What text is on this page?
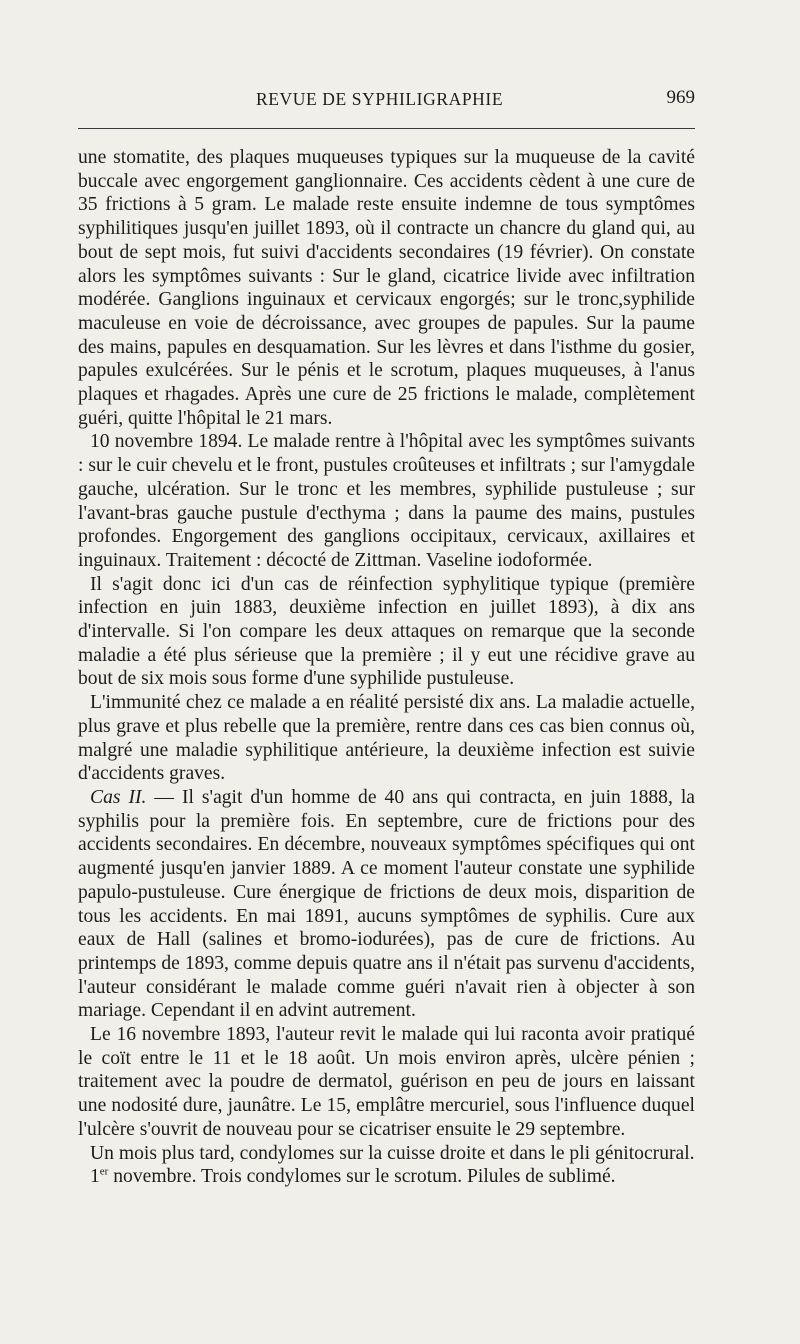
REVUE DE SYPHILIGRAPHIE	969

une stomatite, des plaques muqueuses typiques sur la muqueuse de la cavité buccale avec engorgement ganglionnaire. Ces accidents cèdent à une cure de 35 frictions à 5 gram. Le malade reste ensuite indemne de tous symptômes syphilitiques jusqu'en juillet 1893, où il contracte un chancre du gland qui, au bout de sept mois, fut suivi d'accidents secondaires (19 février). On constate alors les symptômes suivants : Sur le gland, cicatrice livide avec infiltration modérée. Ganglions inguinaux et cervicaux engorgés; sur le tronc,syphilide maculeuse en voie de décroissance, avec groupes de papules. Sur la paume des mains, papules en desquamation. Sur les lèvres et dans l'isthme du gosier, papules exulcérées. Sur le pénis et le scrotum, plaques muqueuses, à l'anus plaques et rhagades. Après une cure de 25 frictions le malade, complètement guéri, quitte l'hôpital le 21 mars.

10 novembre 1894. Le malade rentre à l'hôpital avec les symptômes suivants : sur le cuir chevelu et le front, pustules croûteuses et infiltrats ; sur l'amygdale gauche, ulcération. Sur le tronc et les membres, syphilide pustuleuse ; sur l'avant-bras gauche pustule d'ecthyma ; dans la paume des mains, pustules profondes. Engorgement des ganglions occipitaux, cervicaux, axillaires et inguinaux. Traitement : décocté de Zittman. Vaseline iodoformée.

Il s'agit donc ici d'un cas de réinfection syphylitique typique (première infection en juin 1883, deuxième infection en juillet 1893), à dix ans d'intervalle. Si l'on compare les deux attaques on remarque que la seconde maladie a été plus sérieuse que la première ; il y eut une récidive grave au bout de six mois sous forme d'une syphilide pustuleuse.

L'immunité chez ce malade a en réalité persisté dix ans. La maladie actuelle, plus grave et plus rebelle que la première, rentre dans ces cas bien connus où, malgré une maladie syphilitique antérieure, la deuxième infection est suivie d'accidents graves.

Cas II. — Il s'agit d'un homme de 40 ans qui contracta, en juin 1888, la syphilis pour la première fois. En septembre, cure de frictions pour des accidents secondaires. En décembre, nouveaux symptômes spécifiques qui ont augmenté jusqu'en janvier 1889. A ce moment l'auteur constate une syphilide papulo-pustuleuse. Cure énergique de frictions de deux mois, disparition de tous les accidents. En mai 1891, aucuns symptômes de syphilis. Cure aux eaux de Hall (salines et bromo-iodurées), pas de cure de frictions. Au printemps de 1893, comme depuis quatre ans il n'était pas survenu d'accidents, l'auteur considérant le malade comme guéri n'avait rien à objecter à son mariage. Cependant il en advint autrement.

Le 16 novembre 1893, l'auteur revit le malade qui lui raconta avoir pratiqué le coït entre le 11 et le 18 août. Un mois environ après, ulcère pénien ; traitement avec la poudre de dermatol, guérison en peu de jours en laissant une nodosité dure, jaunâtre. Le 15, emplâtre mercuriel, sous l'influence duquel l'ulcère s'ouvrit de nouveau pour se cicatriser ensuite le 29 septembre.

Un mois plus tard, condylomes sur la cuisse droite et dans le pli génitocrural.

1er novembre. Trois condylomes sur le scrotum. Pilules de sublimé.
